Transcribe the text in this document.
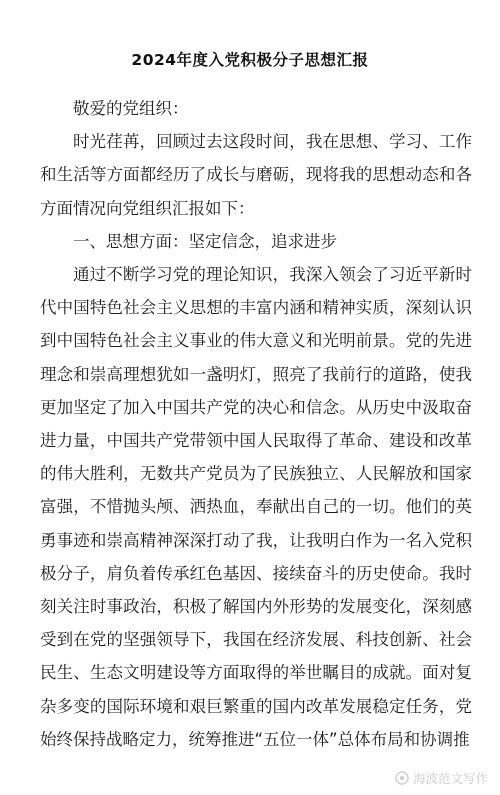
2024年度入党积极分子思想汇报

敬爱的党组织：

时光荏苒，回顾过去这段时间，我在思想、学习、工作和生活等方面都经历了成长与磨砺，现将我的思想动态和各方面情况向党组织汇报如下：

一、思想方面：坚定信念，追求进步

通过不断学习党的理论知识，我深入领会了习近平新时代中国特色社会主义思想的丰富内涵和精神实质，深刻认识到中国特色社会主义事业的伟大意义和光明前景。党的先进理念和崇高理想犹如一盏明灯，照亮了我前行的道路，使我更加坚定了加入中国共产党的决心和信念。从历史中汲取奋进力量，中国共产党带领中国人民取得了革命、建设和改革的伟大胜利，无数共产党员为了民族独立、人民解放和国家富强，不惜抛头颅、洒热血，奉献出自己的一切。他们的英勇事迹和崇高精神深深打动了我，让我明白作为一名入党积极分子，肩负着传承红色基因、接续奋斗的历史使命。我时刻关注时事政治，积极了解国内外形势的发展变化，深刻感受到在党的坚强领导下，我国在经济发展、科技创新、社会民生、生态文明建设等方面取得的举世瞩目的成就。面对复杂多变的国际环境和艰巨繁重的国内改革发展稳定任务，党始终保持战略定力，统筹推进“五位一体”总体布局和协调推

海波范文写作
